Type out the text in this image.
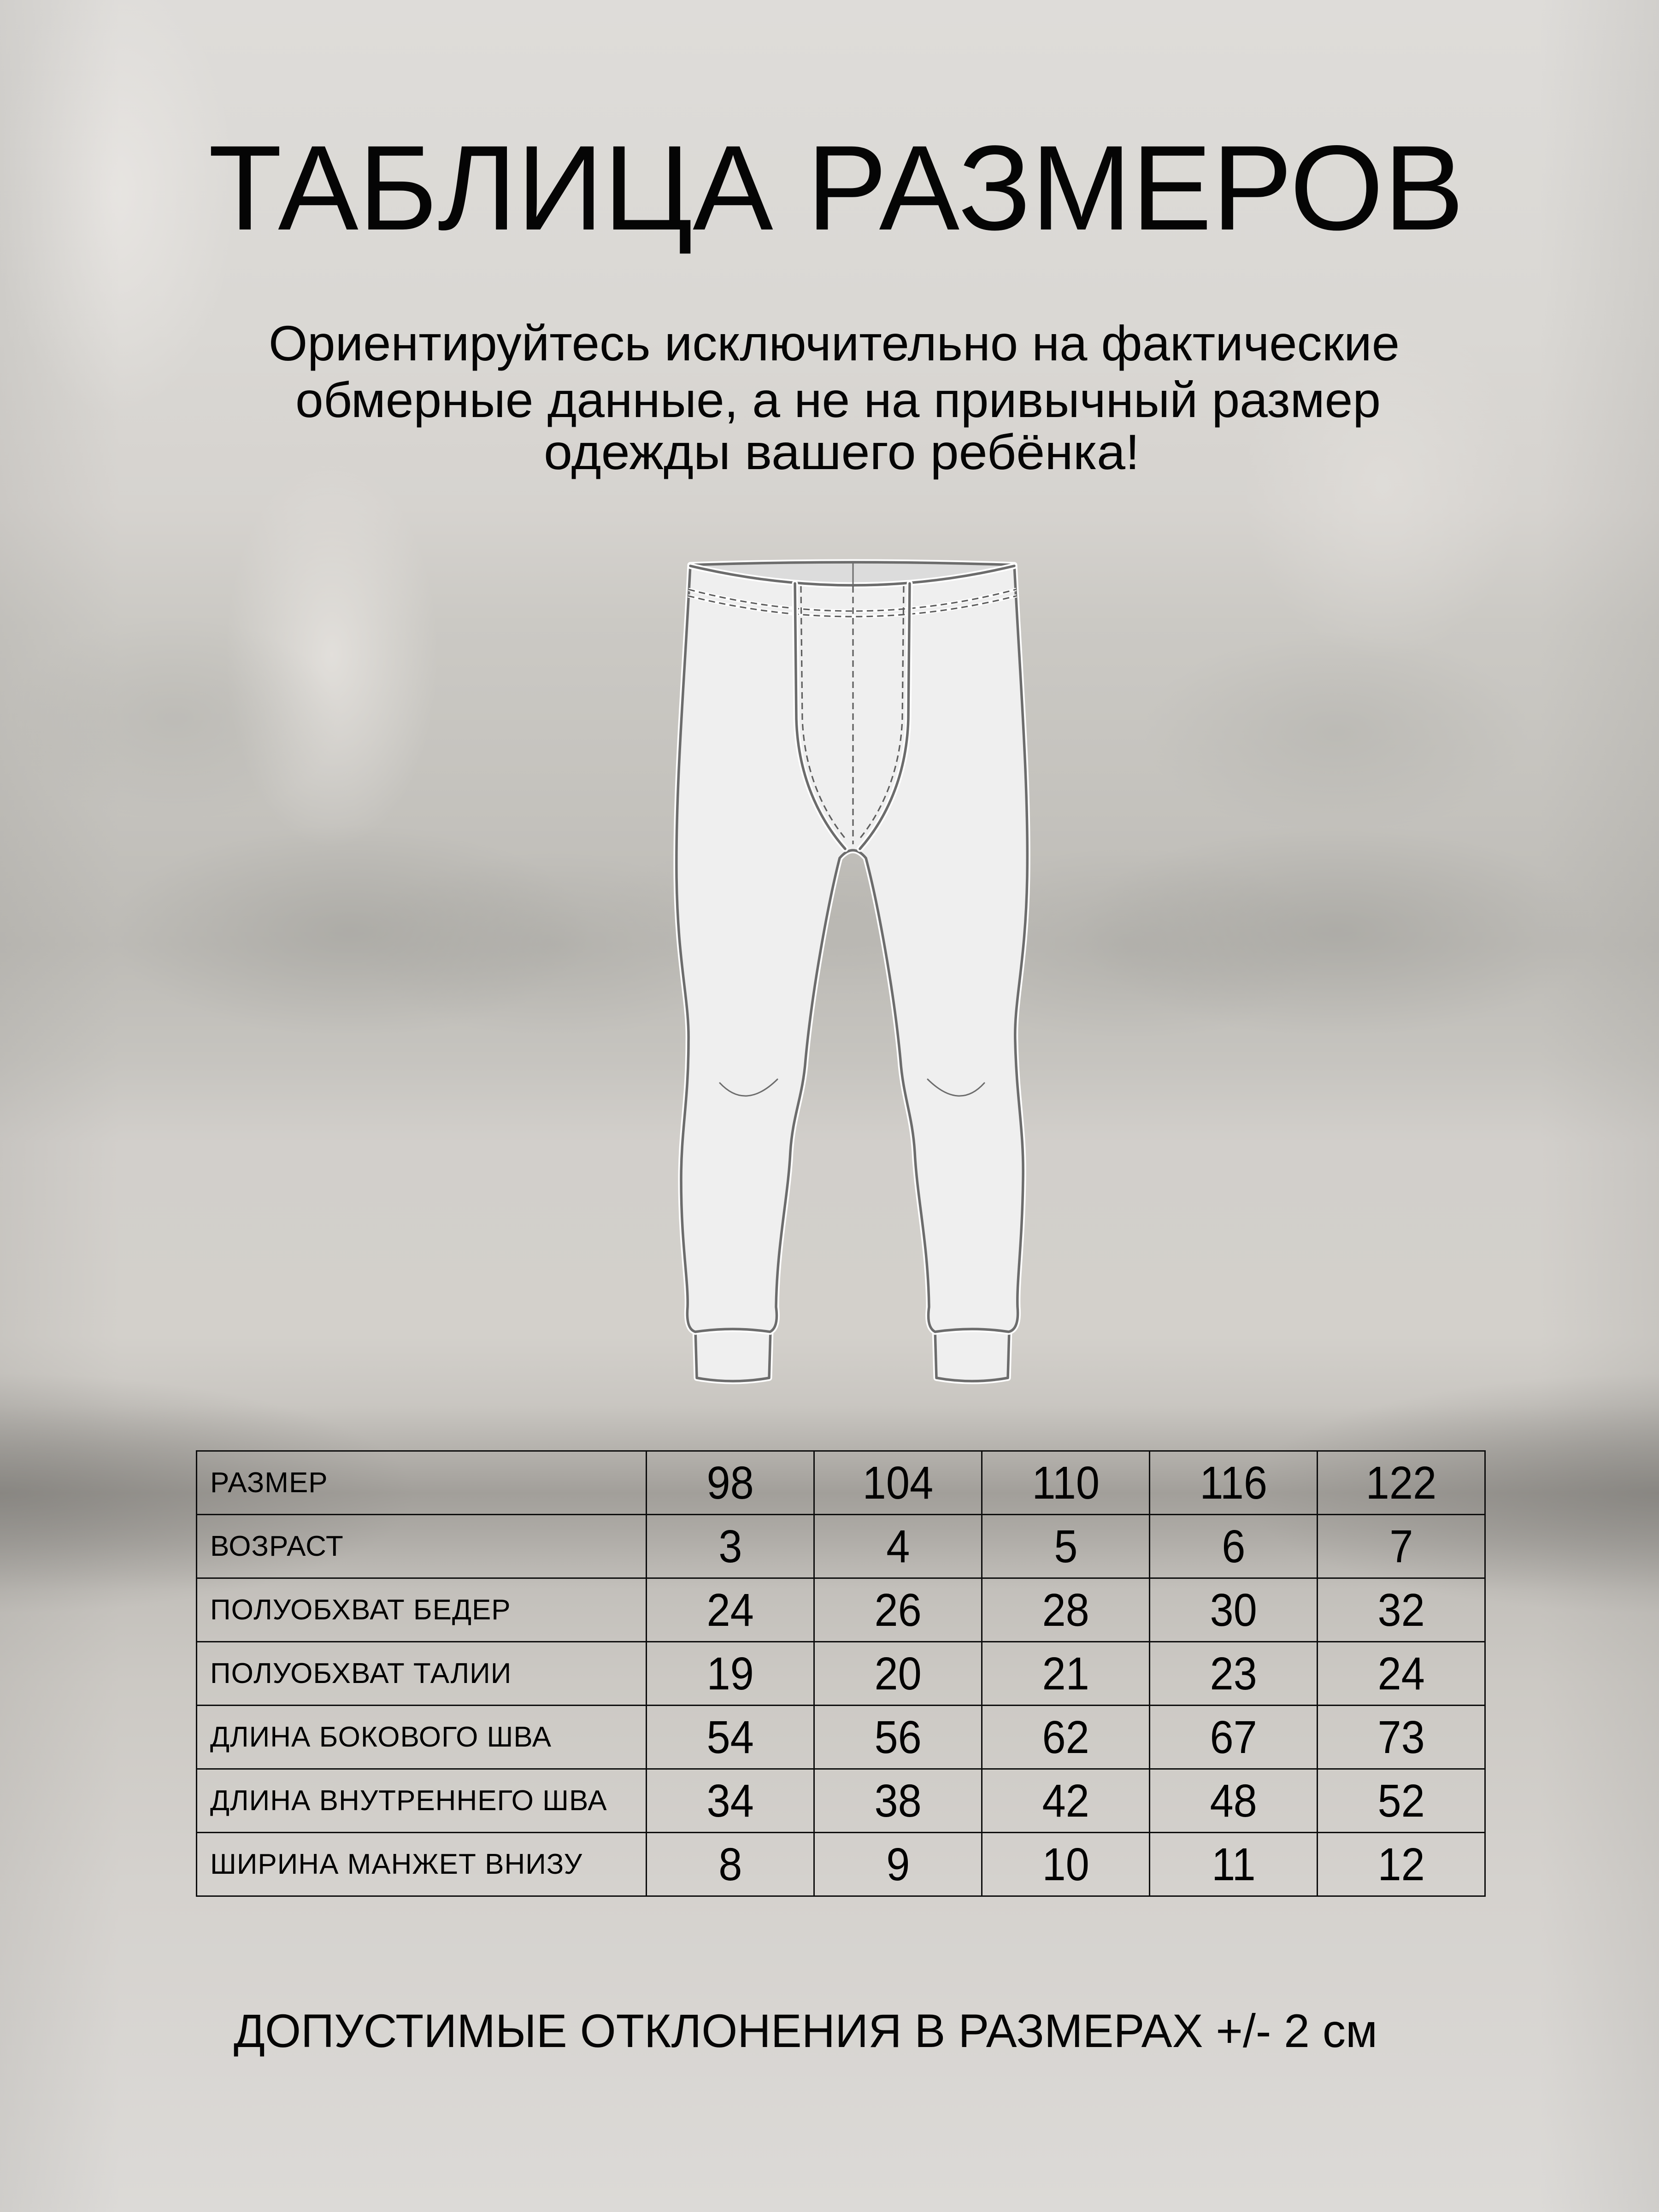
ТАБЛИЦА РАЗМЕРОВ
Ориентируйтесь исключительно на фактические
обмерные данные, а не на привычный размер
одежды вашего ребёнка!
ДОПУСТИМЫЕ ОТКЛОНЕНИЯ В РАЗМЕРАХ +/- 2 см
РАЗМЕР	98	104	110	116	122
ВОЗРАСТ	3	4	5	6	7
ПОЛУОБХВАТ БЕДЕР	24	26	28	30	32
ПОЛУОБХВАТ ТАЛИИ	19	20	21	23	24
ДЛИНА БОКОВОГО ШВА	54	56	62	67	73
ДЛИНА ВНУТРЕННЕГО ШВА	34	38	42	48	52
ШИРИНА МАНЖЕТ ВНИЗУ	8	9	10	11	12
